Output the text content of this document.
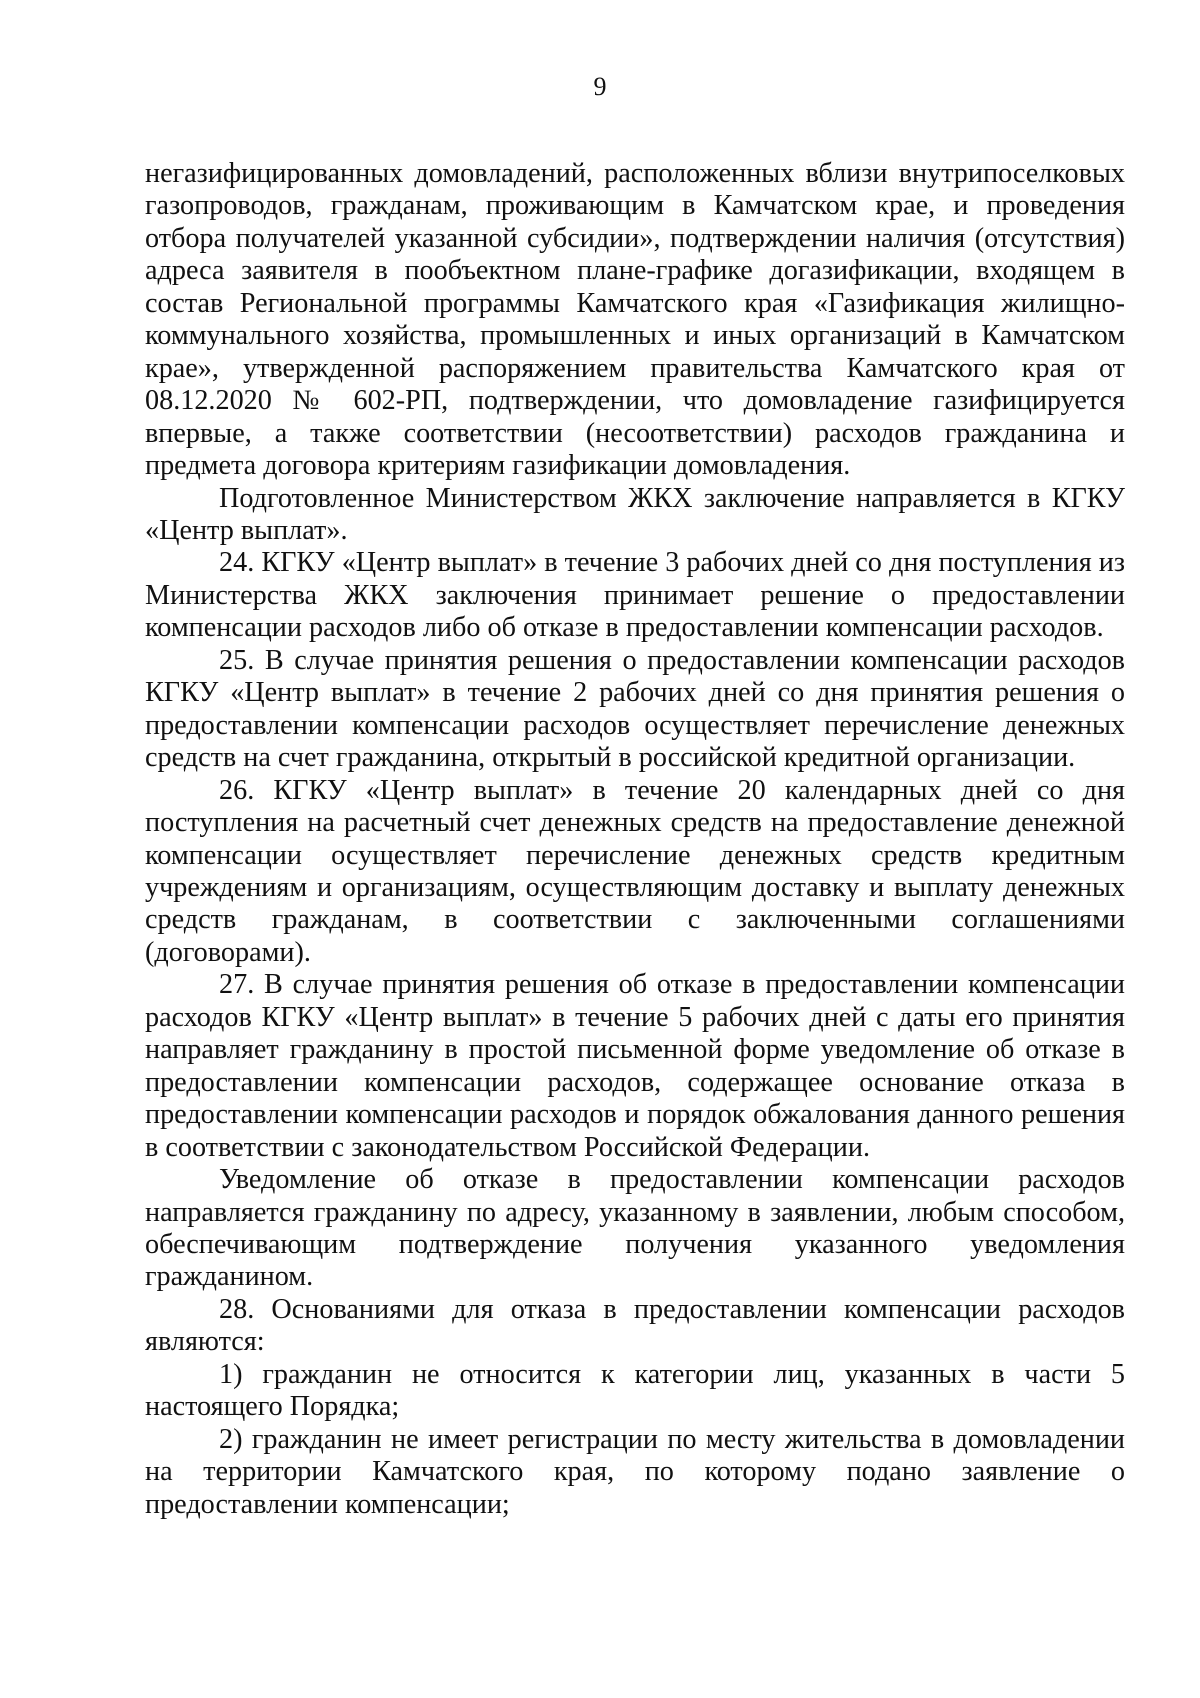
9

негазифицированных домовладений, расположенных вблизи внутрипоселковых газопроводов, гражданам, проживающим в Камчатском крае, и проведения отбора получателей указанной субсидии», подтверждении наличия (отсутствия) адреса заявителя в пообъектном плане-графике догазификации, входящем в состав Региональной программы Камчатского края «Газификация жилищно-коммунального хозяйства, промышленных и иных организаций в Камчатском крае», утвержденной распоряжением правительства Камчатского края от 08.12.2020 № 602-РП, подтверждении, что домовладение газифицируется впервые, а также соответствии (несоответствии) расходов гражданина и предмета договора критериям газификации домовладения.

Подготовленное Министерством ЖКХ заключение направляется в КГКУ «Центр выплат».

24. КГКУ «Центр выплат» в течение 3 рабочих дней со дня поступления из Министерства ЖКХ заключения принимает решение о предоставлении компенсации расходов либо об отказе в предоставлении компенсации расходов.

25. В случае принятия решения о предоставлении компенсации расходов КГКУ «Центр выплат» в течение 2 рабочих дней со дня принятия решения о предоставлении компенсации расходов осуществляет перечисление денежных средств на счет гражданина, открытый в российской кредитной организации.

26. КГКУ «Центр выплат» в течение 20 календарных дней со дня поступления на расчетный счет денежных средств на предоставление денежной компенсации осуществляет перечисление денежных средств кредитным учреждениям и организациям, осуществляющим доставку и выплату денежных средств гражданам, в соответствии с заключенными соглашениями (договорами).

27. В случае принятия решения об отказе в предоставлении компенсации расходов КГКУ «Центр выплат» в течение 5 рабочих дней с даты его принятия направляет гражданину в простой письменной форме уведомление об отказе в предоставлении компенсации расходов, содержащее основание отказа в предоставлении компенсации расходов и порядок обжалования данного решения в соответствии с законодательством Российской Федерации.

Уведомление об отказе в предоставлении компенсации расходов направляется гражданину по адресу, указанному в заявлении, любым способом, обеспечивающим подтверждение получения указанного уведомления гражданином.

28. Основаниями для отказа в предоставлении компенсации расходов являются:

1) гражданин не относится к категории лиц, указанных в части 5 настоящего Порядка;

2) гражданин не имеет регистрации по месту жительства в домовладении на территории Камчатского края, по которому подано заявление о предоставлении компенсации;
